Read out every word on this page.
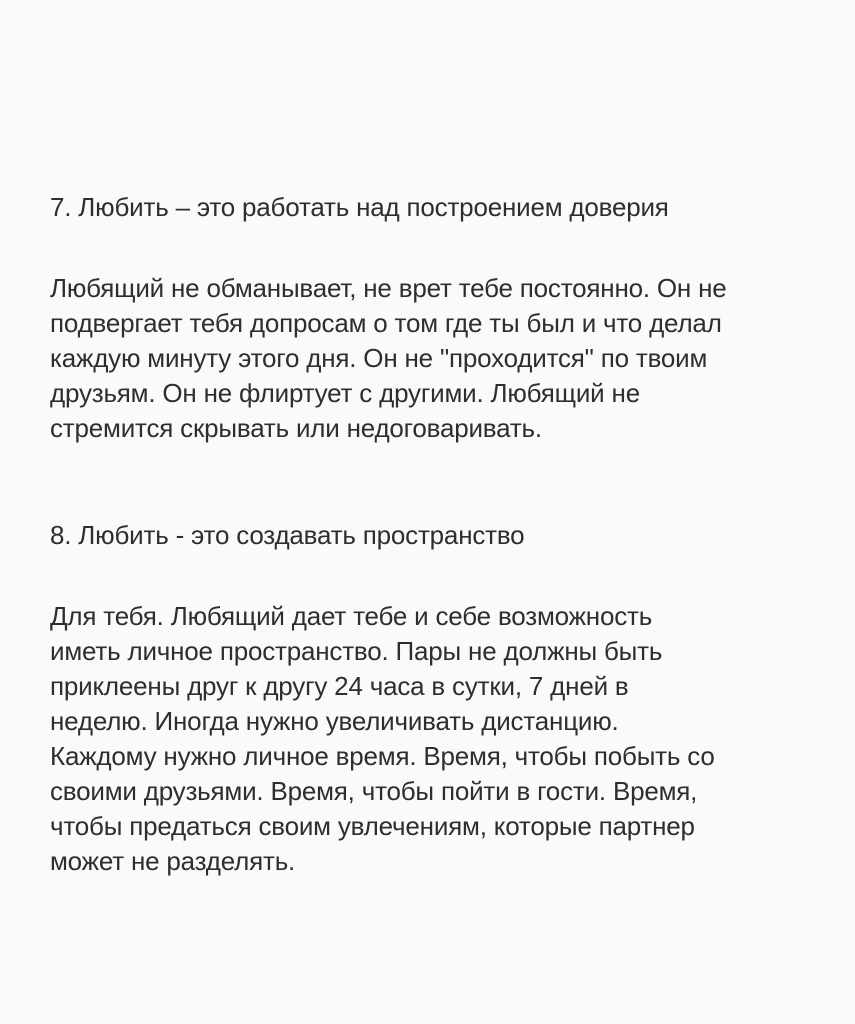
7. Любить – это работать над построением доверия
Любящий не обманывает, не врет тебе постоянно. Он не
подвергает тебя допросам о том где ты был и что делал
каждую минуту этого дня. Он не "проходится" по твоим
друзьям. Он не флиртует с другими. Любящий не
стремится скрывать или недоговаривать.
8. Любить - это создавать пространство
Для тебя. Любящий дает тебе и себе возможность
иметь личное пространство. Пары не должны быть
приклеены друг к другу 24 часа в сутки, 7 дней в
неделю. Иногда нужно увеличивать дистанцию.
Каждому нужно личное время. Время, чтобы побыть со
своими друзьями. Время, чтобы пойти в гости. Время,
чтобы предаться своим увлечениям, которые партнер
может не разделять.
